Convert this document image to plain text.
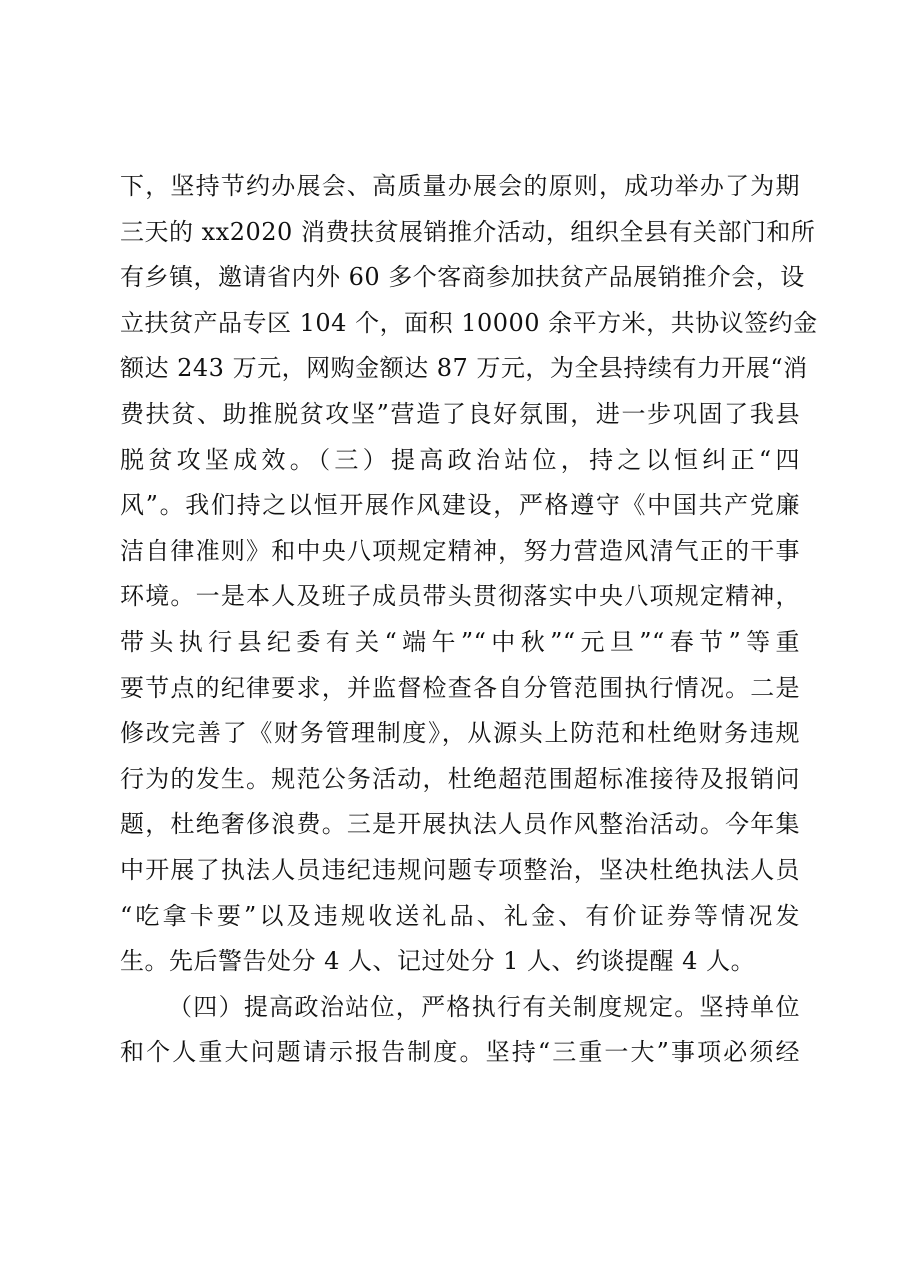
下，坚持节约办展会、高质量办展会的原则，成功举办了为期
三天的 xx2020 消费扶贫展销推介活动，组织全县有关部门和所
有乡镇，邀请省内外 60 多个客商参加扶贫产品展销推介会，设
立扶贫产品专区 104 个，面积 10000 余平方米，共协议签约金
额达 243 万元，网购金额达 87 万元，为全县持续有力开展“消
费扶贫、助推脱贫攻坚”营造了良好氛围，进一步巩固了我县
脱贫攻坚成效。（三）提高政治站位，持之以恒纠正“四
风”。我们持之以恒开展作风建设，严格遵守《中国共产党廉
洁自律准则》和中央八项规定精神，努力营造风清气正的干事
环境。一是本人及班子成员带头贯彻落实中央八项规定精神，
带头执行县纪委有关“端午”“中秋”“元旦”“春节”等重
要节点的纪律要求，并监督检查各自分管范围执行情况。二是
修改完善了《财务管理制度》，从源头上防范和杜绝财务违规
行为的发生。规范公务活动，杜绝超范围超标准接待及报销问
题，杜绝奢侈浪费。三是开展执法人员作风整治活动。今年集
中开展了执法人员违纪违规问题专项整治，坚决杜绝执法人员
“吃拿卡要”以及违规收送礼品、礼金、有价证券等情况发
生。先后警告处分 4 人、记过处分 1 人、约谈提醒 4 人。
（四）提高政治站位，严格执行有关制度规定。坚持单位
和个人重大问题请示报告制度。坚持“三重一大”事项必须经
